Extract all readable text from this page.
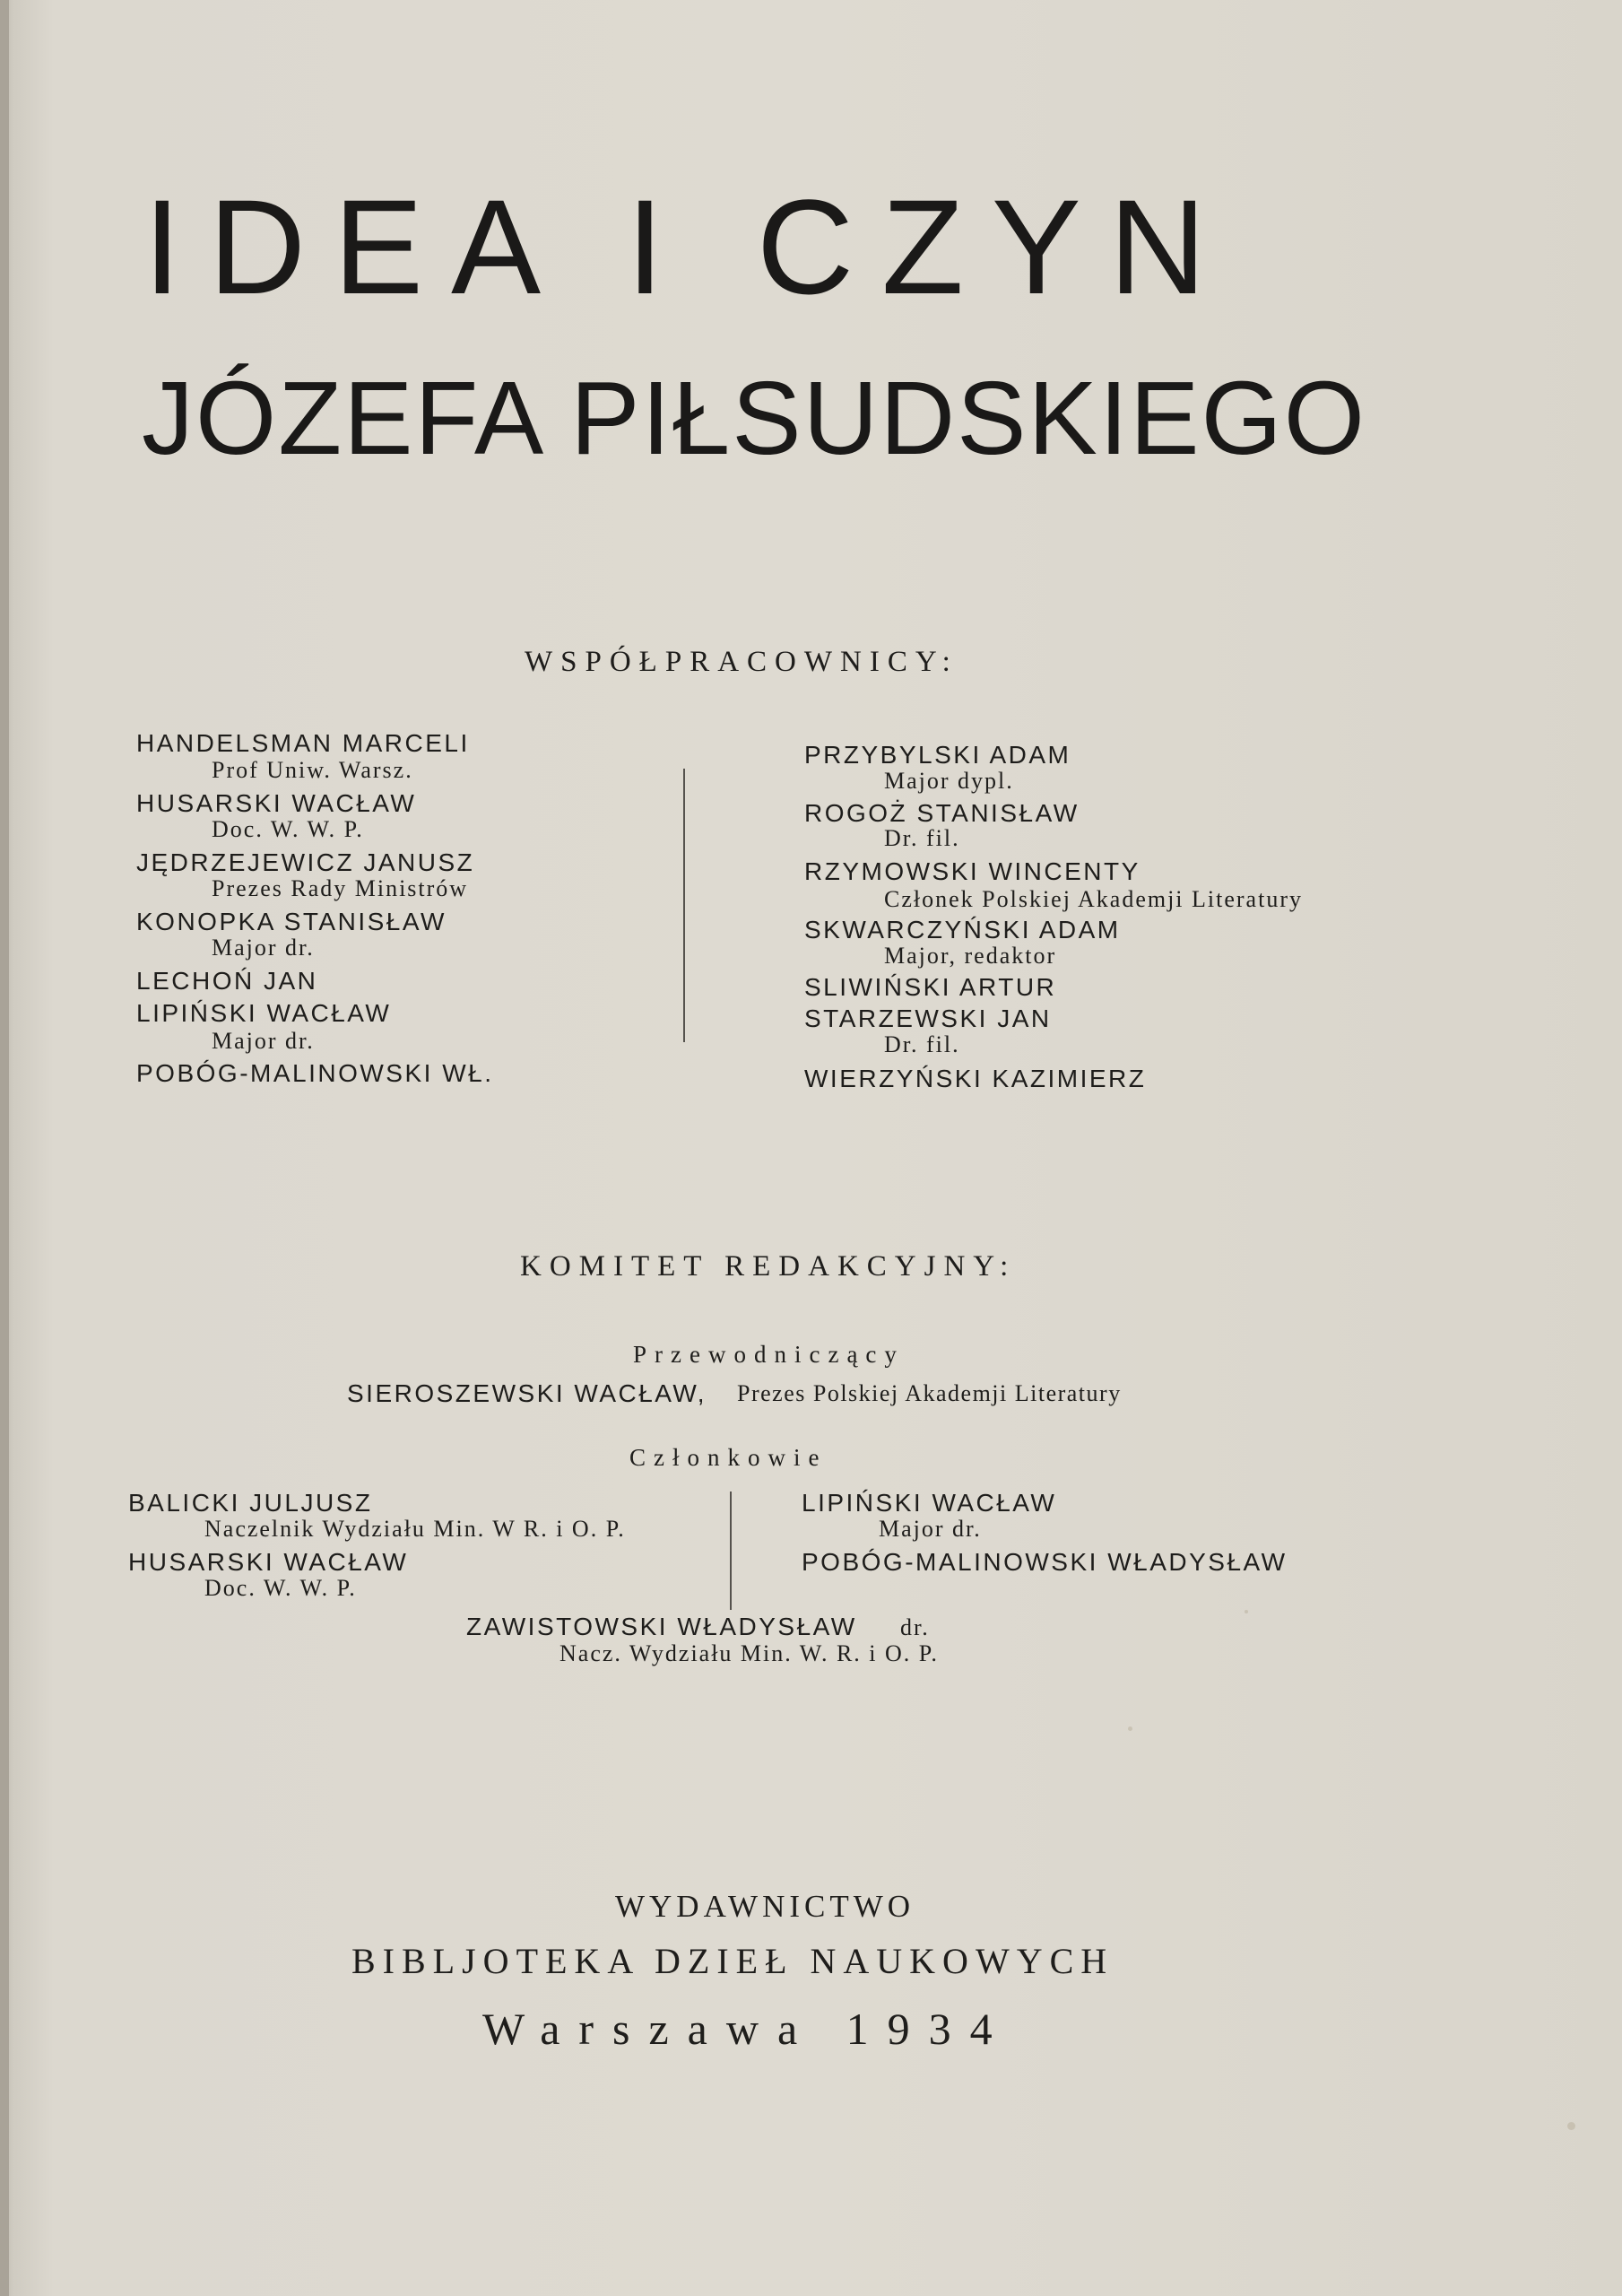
IDEA I CZYN
JÓZEFA PIŁSUDSKIEGO
WSPÓŁPRACOWNICY:
HANDELSMAN MARCELI
Prof Uniw. Warsz.
HUSARSKI WACŁAW
Doc. W. W. P.
JĘDRZEJEWICZ JANUSZ
Prezes Rady Ministrów
KONOPKA STANISŁAW
Major dr.
LECHOŃ JAN
LIPIŃSKI WACŁAW
Major dr.
POBÓG-MALINOWSKI WŁ.
PRZYBYLSKI ADAM
Major dypl.
ROGOŻ STANISŁAW
Dr. fil.
RZYMOWSKI WINCENTY
Członek Polskiej Akademji Literatury
SKWARCZYŃSKI ADAM
Major, redaktor
SLIWIŃSKI ARTUR
STARZEWSKI JAN
Dr. fil.
WIERZYŃSKI KAZIMIERZ
KOMITET REDAKCYJNY:
Przewodniczący
SIEROSZEWSKI WACŁAW, Prezes Polskiej Akademji Literatury
Członkowie
BALICKI JULJUSZ
Naczelnik Wydziału Min. W R. i O. P.
HUSARSKI WACŁAW
Doc. W. W. P.
LIPIŃSKI WACŁAW
Major dr.
POBÓG-MALINOWSKI WŁADYSŁAW
ZAWISTOWSKI WŁADYSŁAW dr.
Nacz. Wydziału Min. W. R. i O. P.
WYDAWNICTWO
BIBLJOTEKA DZIEŁ NAUKOWYCH
Warszawa 1934
